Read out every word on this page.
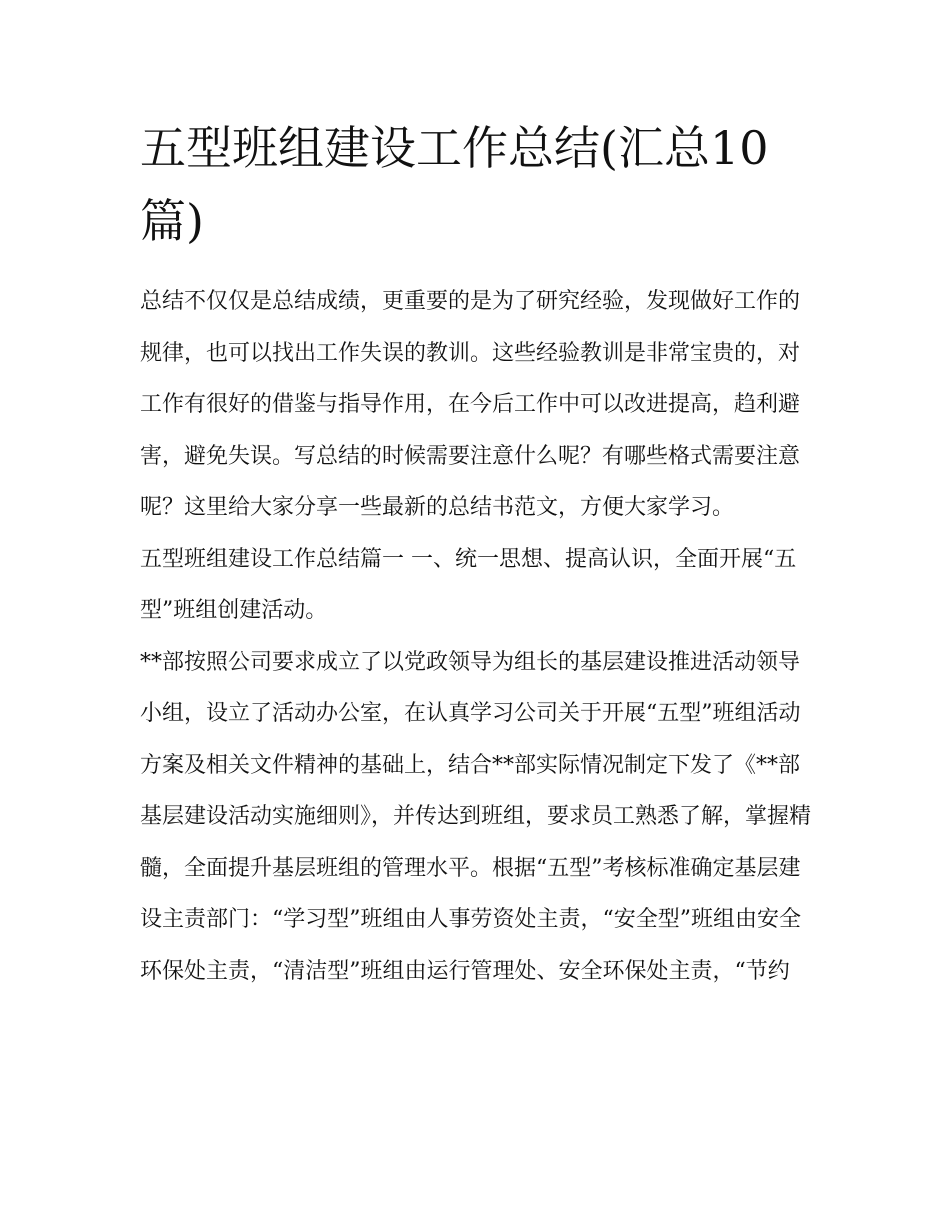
五型班组建设工作总结(汇总10篇)

总结不仅仅是总结成绩，更重要的是为了研究经验，发现做好工作的规律，也可以找出工作失误的教训。这些经验教训是非常宝贵的，对工作有很好的借鉴与指导作用，在今后工作中可以改进提高，趋利避害，避免失误。写总结的时候需要注意什么呢？有哪些格式需要注意呢？这里给大家分享一些最新的总结书范文，方便大家学习。

五型班组建设工作总结篇一 一、统一思想、提高认识，全面开展“五型”班组创建活动。

**部按照公司要求成立了以党政领导为组长的基层建设推进活动领导小组，设立了活动办公室，在认真学习公司关于开展“五型”班组活动方案及相关文件精神的基础上，结合**部实际情况制定下发了《**部基层建设活动实施细则》，并传达到班组，要求员工熟悉了解，掌握精髓，全面提升基层班组的管理水平。根据“五型”考核标准确定基层建设主责部门：“学习型”班组由人事劳资处主责，“安全型”班组由安全环保处主责，“清洁型”班组由运行管理处、安全环保处主责，“节约
